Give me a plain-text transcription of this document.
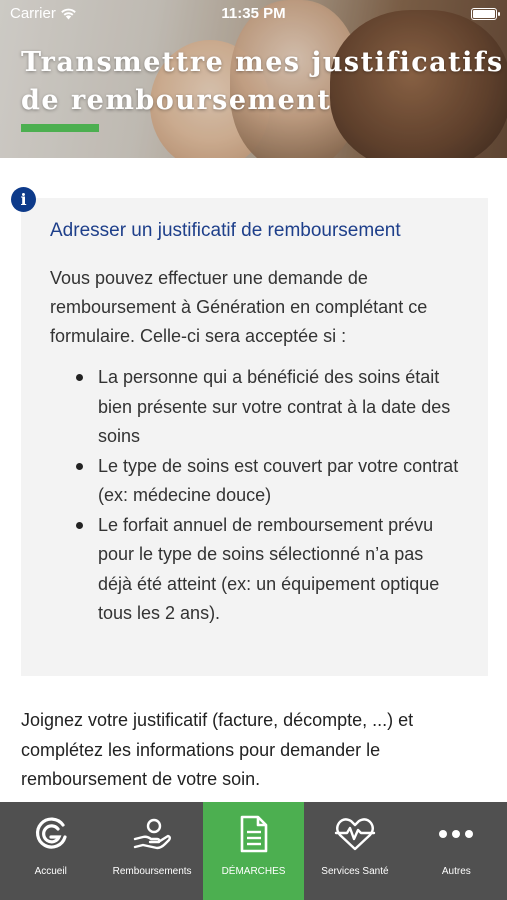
Carrier	11:35 PM
Transmettre mes justificatifs de remboursement
Adresser un justificatif de remboursement
Vous pouvez effectuer une demande de remboursement à Génération en complétant ce formulaire. Celle-ci sera acceptée si :
La personne qui a bénéficié des soins était bien présente sur votre contrat à la date des soins
Le type de soins est couvert par votre contrat (ex: médecine douce)
Le forfait annuel de remboursement prévu pour le type de soins sélectionné n’a pas déjà été atteint (ex: un équipement optique tous les 2 ans).
i
Joignez votre justificatif (facture, décompte, ...) et complétez les informations pour demander le remboursement de votre soin.
Accueil	Remboursements	DÉMARCHES	Services Santé	Autres
